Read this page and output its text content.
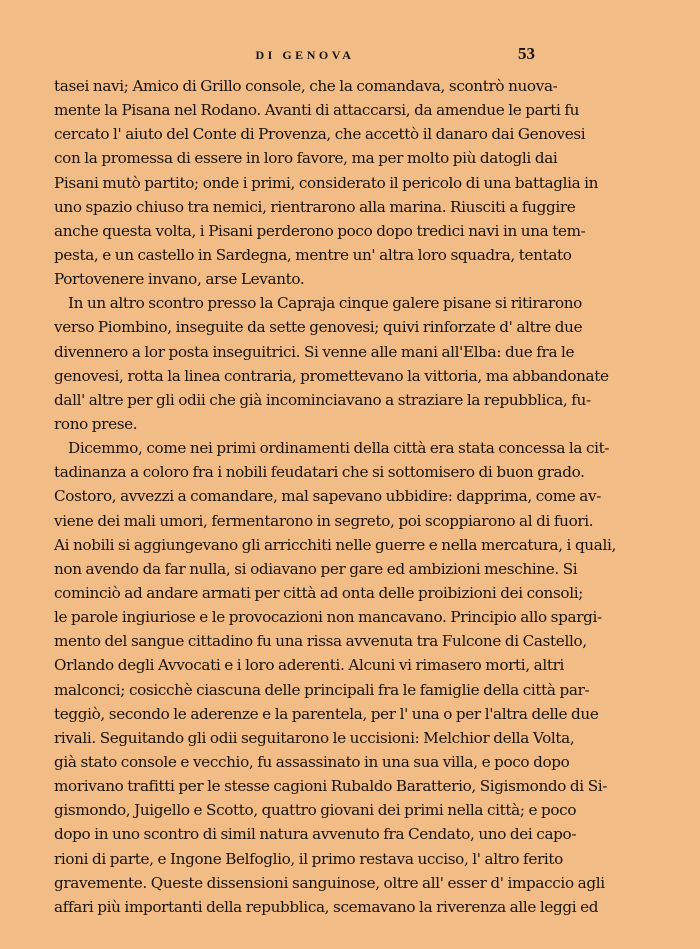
DI GENOVA	53
tasei navi; Amico di Grillo console, che la comandava, scontrò nuova-
mente la Pisana nel Rodano. Avanti di attaccarsi, da amendue le parti fu
cercato l' aiuto del Conte di Provenza, che accettò il danaro dai Genovesi
con la promessa di essere in loro favore, ma per molto più datogli dai
Pisani mutò partito; onde i primi, considerato il pericolo di una battaglia in
uno spazio chiuso tra nemici, rientrarono alla marina. Riusciti a fuggire
anche questa volta, i Pisani perderono poco dopo tredici navi in una tem-
pesta, e un castello in Sardegna, mentre un' altra loro squadra, tentato
Portovenere invano, arse Levanto.
In un altro scontro presso la Capraja cinque galere pisane si ritirarono
verso Piombino, inseguite da sette genovesi; quivi rinforzate d' altre due
divennero a lor posta inseguitrici. Si venne alle mani all'Elba: due fra le
genovesi, rotta la linea contraria, promettevano la vittoria, ma abbandonate
dall' altre per gli odii che già incominciavano a straziare la repubblica, fu-
rono prese.
Dicemmo, come nei primi ordinamenti della città era stata concessa la cit-
tadinanza a coloro fra i nobili feudatari che si sottomisero di buon grado.
Costoro, avvezzi a comandare, mal sapevano ubbidire: dapprima, come av-
viene dei mali umori, fermentarono in segreto, poi scoppiarono al di fuori.
Ai nobili si aggiungevano gli arricchiti nelle guerre e nella mercatura, i quali,
non avendo da far nulla, si odiavano per gare ed ambizioni meschine. Si
cominciò ad andare armati per città ad onta delle proibizioni dei consoli;
le parole ingiuriose e le provocazioni non mancavano. Principio allo spargi-
mento del sangue cittadino fu una rissa avvenuta tra Fulcone di Castello,
Orlando degli Avvocati e i loro aderenti. Alcuni vi rimasero morti, altri
malconci; cosicchè ciascuna delle principali fra le famiglie della città par-
teggiò, secondo le aderenze e la parentela, per l' una o per l'altra delle due
rivali. Seguitando gli odii seguitarono le uccisioni: Melchior della Volta,
già stato console e vecchio, fu assassinato in una sua villa, e poco dopo
morivano trafitti per le stesse cagioni Rubaldo Baratterio, Sigismondo di Si-
gismondo, Juigello e Scotto, quattro giovani dei primi nella città; e poco
dopo in uno scontro di simil natura avvenuto fra Cendato, uno dei capo-
rioni di parte, e Ingone Belfoglio, il primo restava ucciso, l' altro ferito
gravemente. Queste dissensioni sanguinose, oltre all' esser d' impaccio agli
affari più importanti della repubblica, scemavano la riverenza alle leggi ed
